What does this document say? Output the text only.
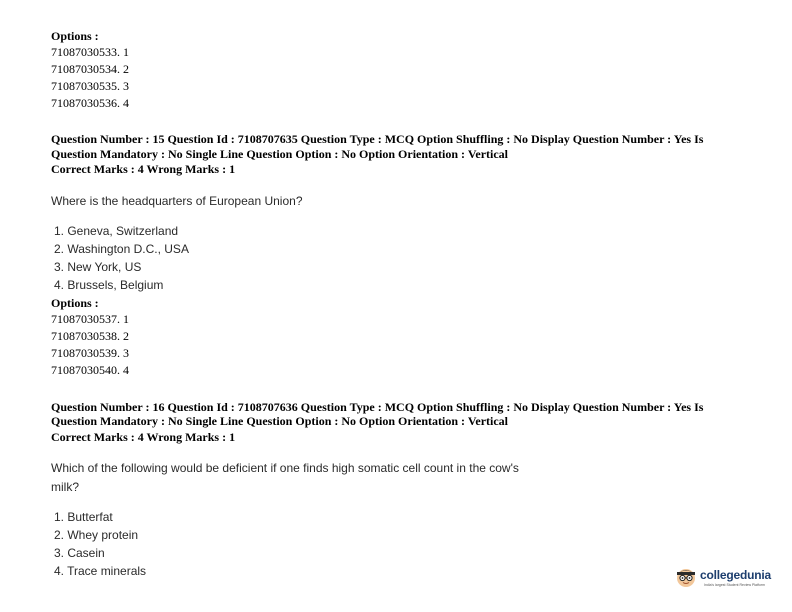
Options :
71087030533. 1
71087030534. 2
71087030535. 3
71087030536. 4
Question Number : 15 Question Id : 7108707635 Question Type : MCQ Option Shuffling : No Display Question Number : Yes Is
Question Mandatory : No Single Line Question Option : No Option Orientation : Vertical
Correct Marks : 4 Wrong Marks : 1
Where is the headquarters of European Union?
1. Geneva, Switzerland
2. Washington D.C., USA
3. New York, US
4. Brussels, Belgium
Options :
71087030537. 1
71087030538. 2
71087030539. 3
71087030540. 4
Question Number : 16 Question Id : 7108707636 Question Type : MCQ Option Shuffling : No Display Question Number : Yes Is
Question Mandatory : No Single Line Question Option : No Option Orientation : Vertical
Correct Marks : 4 Wrong Marks : 1
Which of the following would be deficient if one finds high somatic cell count in the cow's
milk?
1. Butterfat
2. Whey protein
3. Casein
4. Trace minerals	collegedunia
India's largest Student Review Platform
